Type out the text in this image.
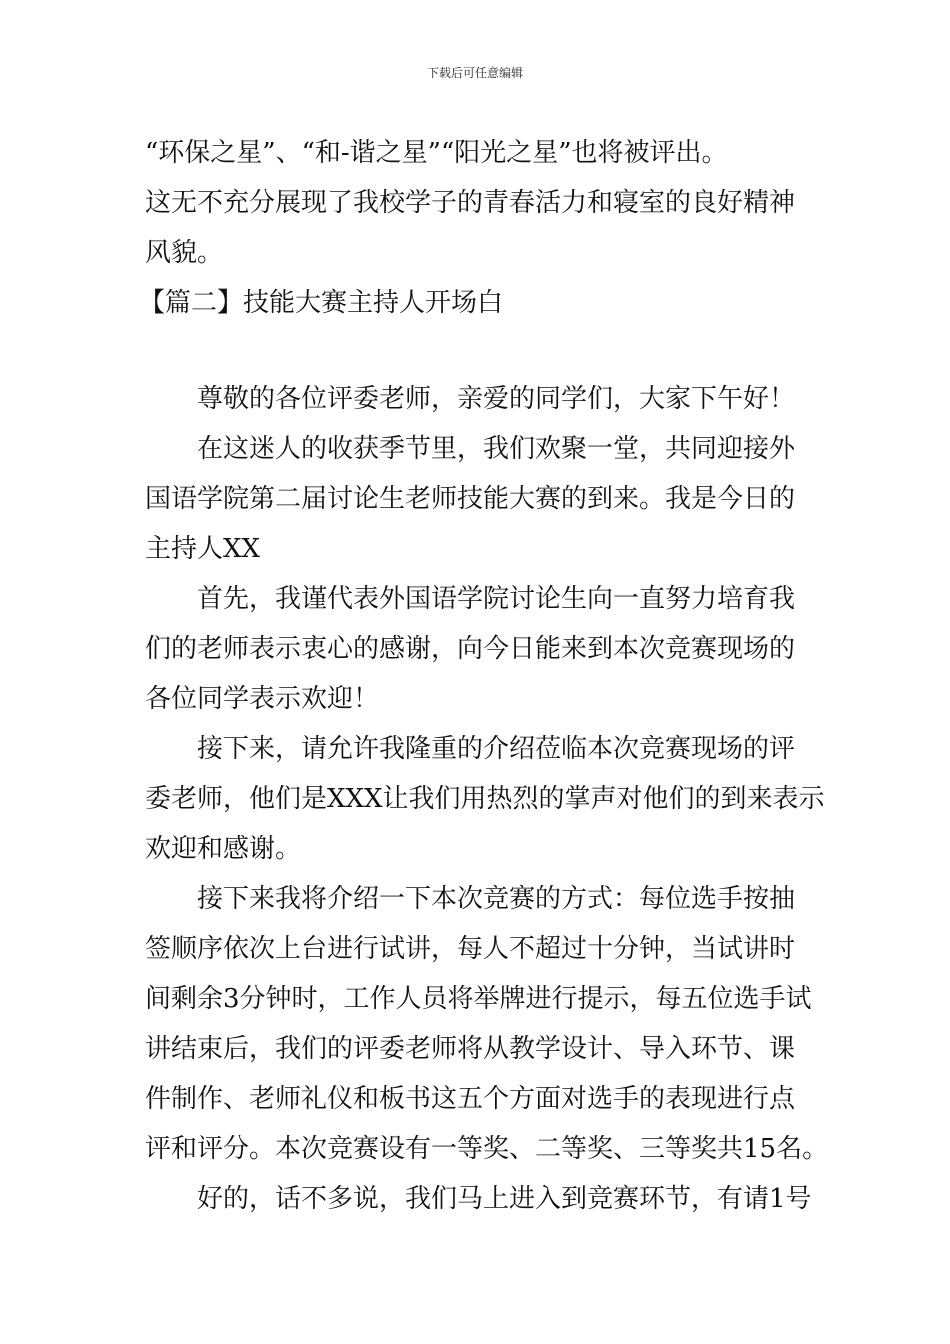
下载后可任意编辑
“环保之星”、“和-谐之星”“阳光之星”也将被评出。
这无不充分展现了我校学子的青春活力和寝室的良好精神
风貌。
【篇二】技能大赛主持人开场白
尊敬的各位评委老师，亲爱的同学们，大家下午好！
在这迷人的收获季节里，我们欢聚一堂，共同迎接外
国语学院第二届讨论生老师技能大赛的到来。我是今日的
主持人XX
首先，我谨代表外国语学院讨论生向一直努力培育我
们的老师表示衷心的感谢，向今日能来到本次竞赛现场的
各位同学表示欢迎！
接下来，请允许我隆重的介绍莅临本次竞赛现场的评
委老师，他们是XXX让我们用热烈的掌声对他们的到来表示
欢迎和感谢。
接下来我将介绍一下本次竞赛的方式：每位选手按抽
签顺序依次上台进行试讲，每人不超过十分钟，当试讲时
间剩余3分钟时，工作人员将举牌进行提示，每五位选手试
讲结束后，我们的评委老师将从教学设计、导入环节、课
件制作、老师礼仪和板书这五个方面对选手的表现进行点
评和评分。本次竞赛设有一等奖、二等奖、三等奖共15名。
好的，话不多说，我们马上进入到竞赛环节，有请1号
